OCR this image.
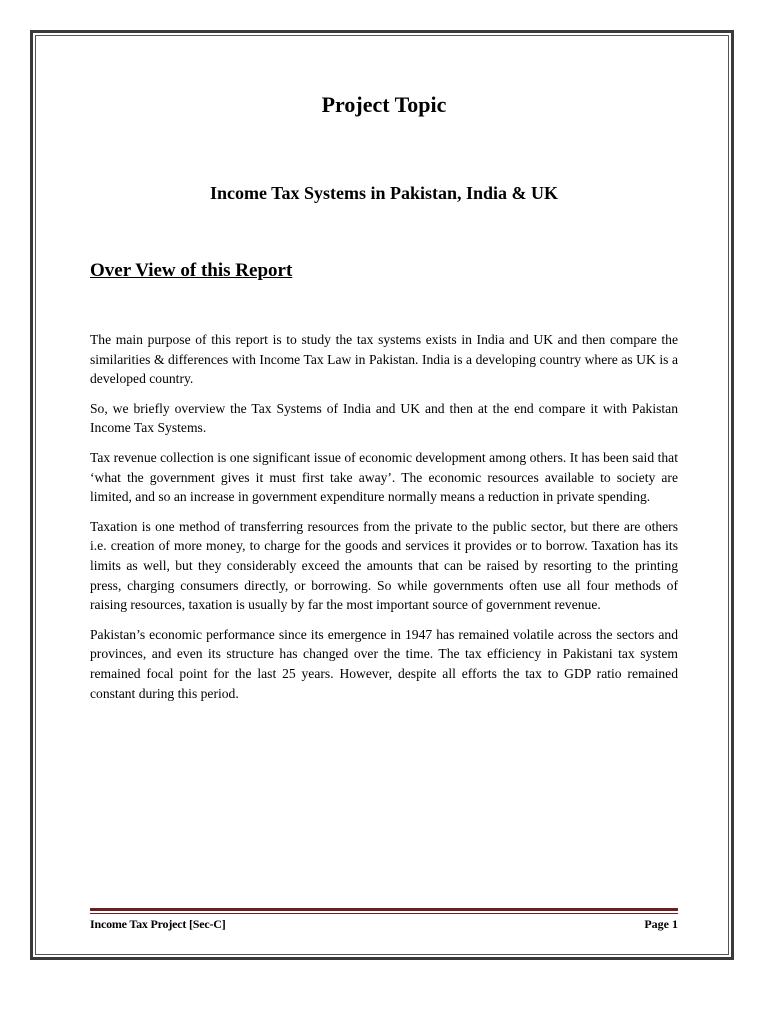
Project Topic
Income Tax Systems in Pakistan, India & UK
Over View of this Report

The main purpose of this report is to study the tax systems exists in India and UK and then compare the similarities & differences with Income Tax Law in Pakistan. India is a developing country where as UK is a developed country.

So, we briefly overview the Tax Systems of India and UK and then at the end compare it with Pakistan Income Tax Systems.

Tax revenue collection is one significant issue of economic development among others. It has been said that ‘what the government gives it must first take away’. The economic resources available to society are limited, and so an increase in government expenditure normally means a reduction in private spending.

Taxation is one method of transferring resources from the private to the public sector, but there are others i.e. creation of more money, to charge for the goods and services it provides or to borrow. Taxation has its limits as well, but they considerably exceed the amounts that can be raised by resorting to the printing press, charging consumers directly, or borrowing. So while governments often use all four methods of raising resources, taxation is usually by far the most important source of government revenue.

Pakistan’s economic performance since its emergence in 1947 has remained volatile across the sectors and provinces, and even its structure has changed over the time. The tax efficiency in Pakistani tax system remained focal point for the last 25 years. However, despite all efforts the tax to GDP ratio remained constant during this period.

Income Tax Project [Sec-C]	Page 1
